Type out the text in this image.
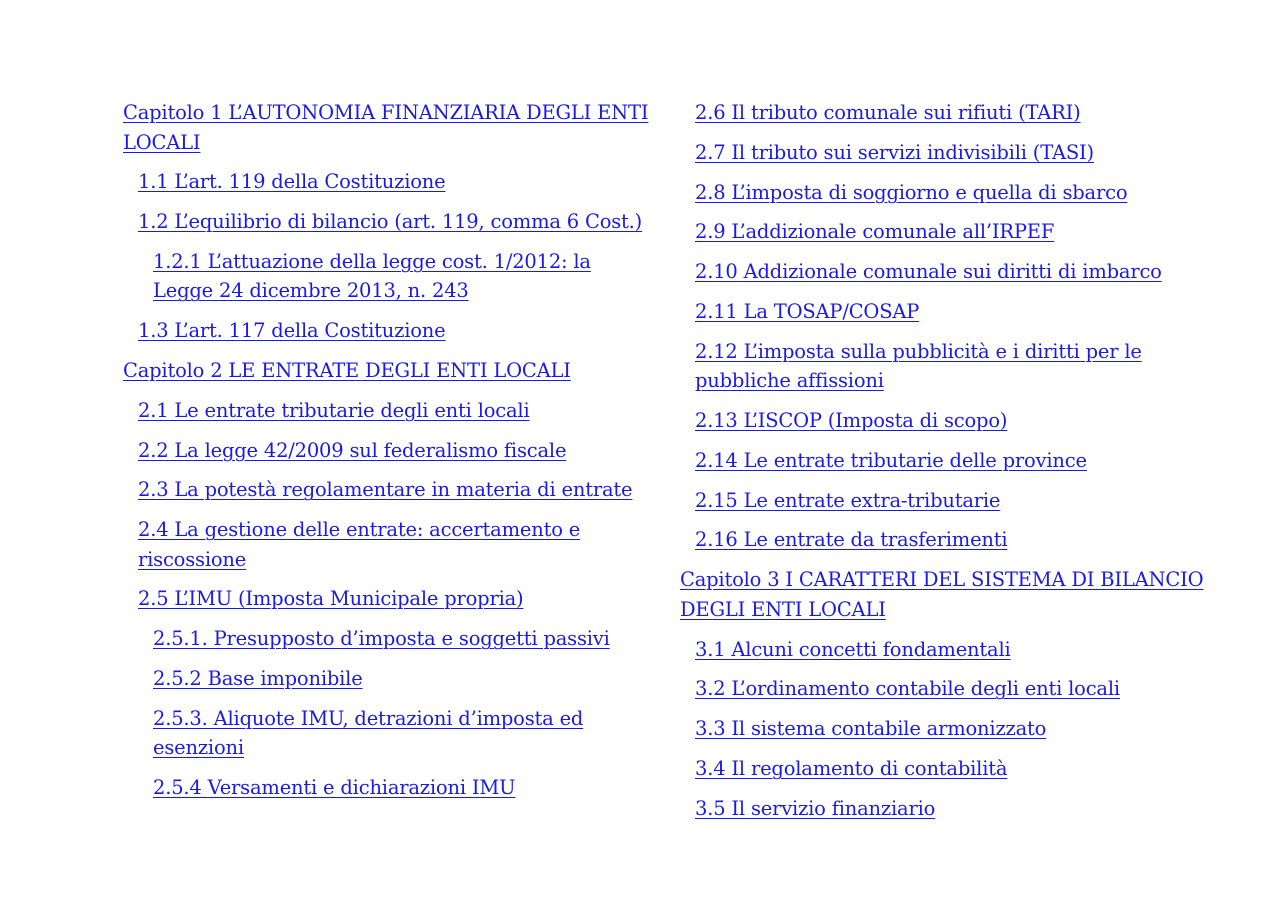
Capitolo 1 L’AUTONOMIA FINANZIARIA DEGLI ENTI LOCALI
1.1 L’art. 119 della Costituzione
1.2 L’equilibrio di bilancio (art. 119, comma 6 Cost.)
1.2.1 L’attuazione della legge cost. 1/2012: la Legge 24 dicembre 2013, n. 243
1.3 L’art. 117 della Costituzione
Capitolo 2 LE ENTRATE DEGLI ENTI LOCALI
2.1 Le entrate tributarie degli enti locali
2.2 La legge 42/2009 sul federalismo fiscale
2.3 La potestà regolamentare in materia di entrate
2.4 La gestione delle entrate: accertamento e riscossione
2.5 L’IMU (Imposta Municipale propria)
2.5.1. Presupposto d’imposta e soggetti passivi
2.5.2 Base imponibile
2.5.3. Aliquote IMU, detrazioni d’imposta ed esenzioni
2.5.4 Versamenti e dichiarazioni IMU
2.6 Il tributo comunale sui rifiuti (TARI)
2.7 Il tributo sui servizi indivisibili (TASI)
2.8 L’imposta di soggiorno e quella di sbarco
2.9 L’addizionale comunale all’IRPEF
2.10 Addizionale comunale sui diritti di imbarco
2.11 La TOSAP/COSAP
2.12 L’imposta sulla pubblicità e i diritti per le pubbliche affissioni
2.13 L’ISCOP (Imposta di scopo)
2.14 Le entrate tributarie delle province
2.15 Le entrate extra-tributarie
2.16 Le entrate da trasferimenti
Capitolo 3 I CARATTERI DEL SISTEMA DI BILANCIO DEGLI ENTI LOCALI
3.1 Alcuni concetti fondamentali
3.2 L’ordinamento contabile degli enti locali
3.3 Il sistema contabile armonizzato
3.4 Il regolamento di contabilità
3.5 Il servizio finanziario
